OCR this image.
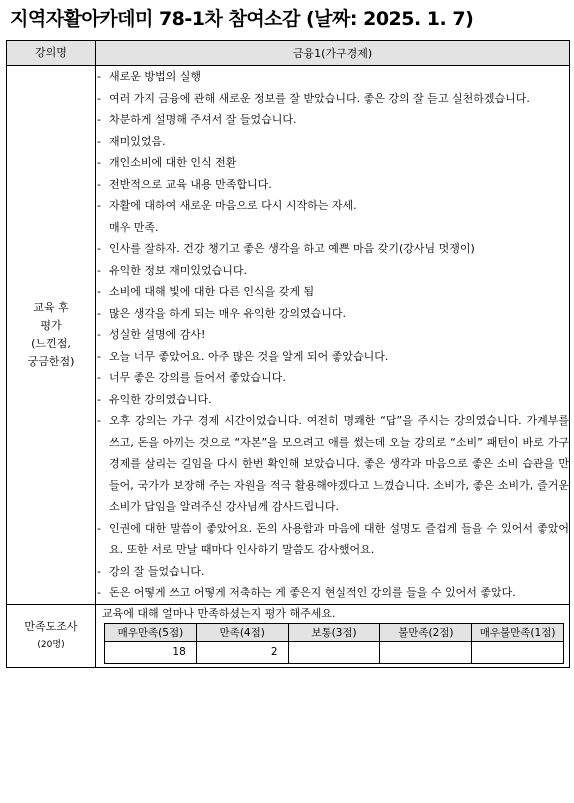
지역자활아카데미 78-1차 참여소감 (날짜: 2025. 1. 7)
강의명	금융1(가구경제)

교육 후
평가
(느낀점,
궁금한점)

- 새로운 방법의 실행
- 여러 가지 금융에 관해 새로운 정보를 잘 받았습니다. 좋은 강의 잘 듣고 실천하겠습니다.
- 차분하게 설명해 주셔서 잘 들었습니다.
- 재미있었음.
- 개인소비에 대한 인식 전환
- 전반적으로 교육 내용 만족합니다.
- 자활에 대하여 새로운 마음으로 다시 시작하는 자세.
매우 만족.
- 인사를 잘하자. 건강 챙기고 좋은 생각을 하고 예쁜 마음 갖기(강사님 멋쟁이)
- 유익한 정보 재미있었습니다.
- 소비에 대해 빛에 대한 다른 인식을 갖게 됨
- 많은 생각을 하게 되는 매우 유익한 강의였습니다.
- 성실한 설명에 감사!
- 오늘 너무 좋았어요. 아주 많은 것을 알게 되어 좋았습니다.
- 너무 좋은 강의를 들어서 좋았습니다.
- 유익한 강의였습니다.
- 오후 강의는 가구 경제 시간이었습니다. 여전히 명쾌한 “답”을 주시는 강의였습니다. 가계부를 쓰고, 돈을 아끼는 것으로 “자본”을 모으려고 애를 썼는데 오늘 강의로 “소비” 패턴이 바로 가구 경제를 살리는 길임을 다시 한번 확인해 보았습니다. 좋은 생각과 마음으로 좋은 소비 습관을 만들어, 국가가 보장해 주는 자원을 적극 활용해야겠다고 느꼈습니다. 소비가, 좋은 소비가, 즐거운 소비가 답임을 알려주신 강사님께 감사드립니다.
- 인권에 대한 말씀이 좋았어요. 돈의 사용함과 마음에 대한 설명도 즐겁게 들을 수 있어서 좋았어요. 또한 서로 만날 때마다 인사하기 말씀도 감사했어요.
- 강의 잘 들었습니다.
- 돈은 어떻게 쓰고 어떻게 저축하는 게 좋은지 현실적인 강의를 들을 수 있어서 좋았다.

만족도조사
(20명)

교육에 대해 얼마나 만족하셨는지 평가 해주세요.
매우만족(5점)	만족(4점)	보통(3점)	불만족(2점)	매우불만족(1점)
18	2			
